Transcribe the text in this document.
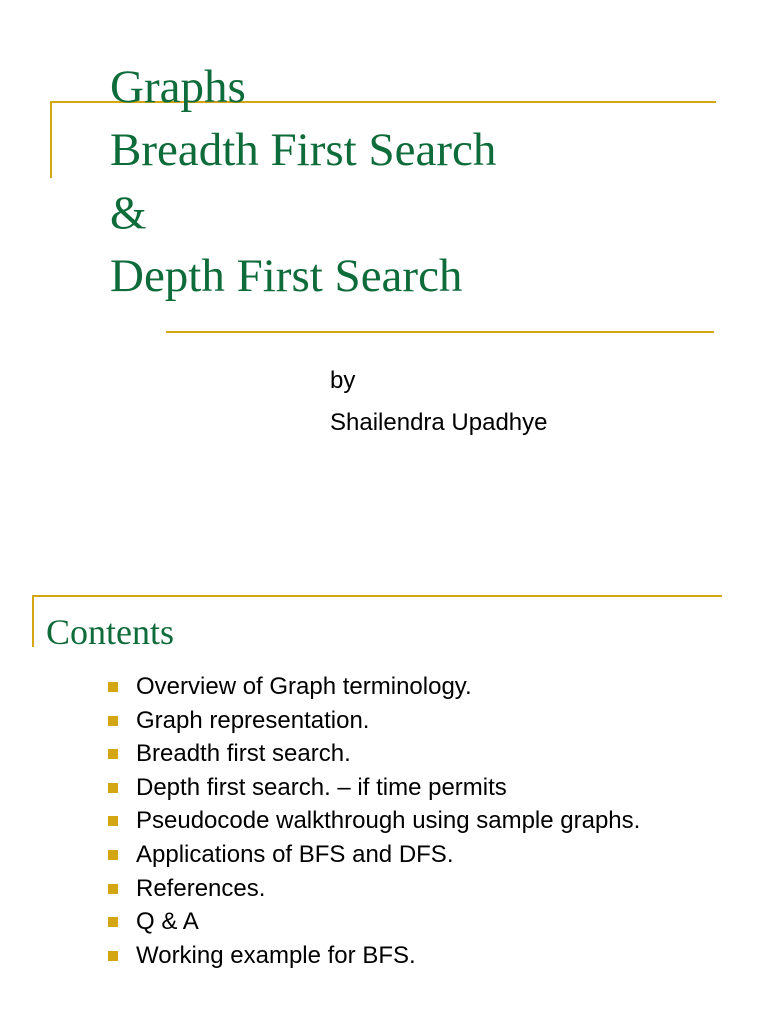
Graphs
Breadth First Search
&
Depth First Search
by
Shailendra Upadhye
Contents
Overview of Graph terminology.
Graph representation.
Breadth first search.
Depth first search. – if time permits
Pseudocode walkthrough using sample graphs.
Applications of BFS and DFS.
References.
Q & A
Working example for BFS.
